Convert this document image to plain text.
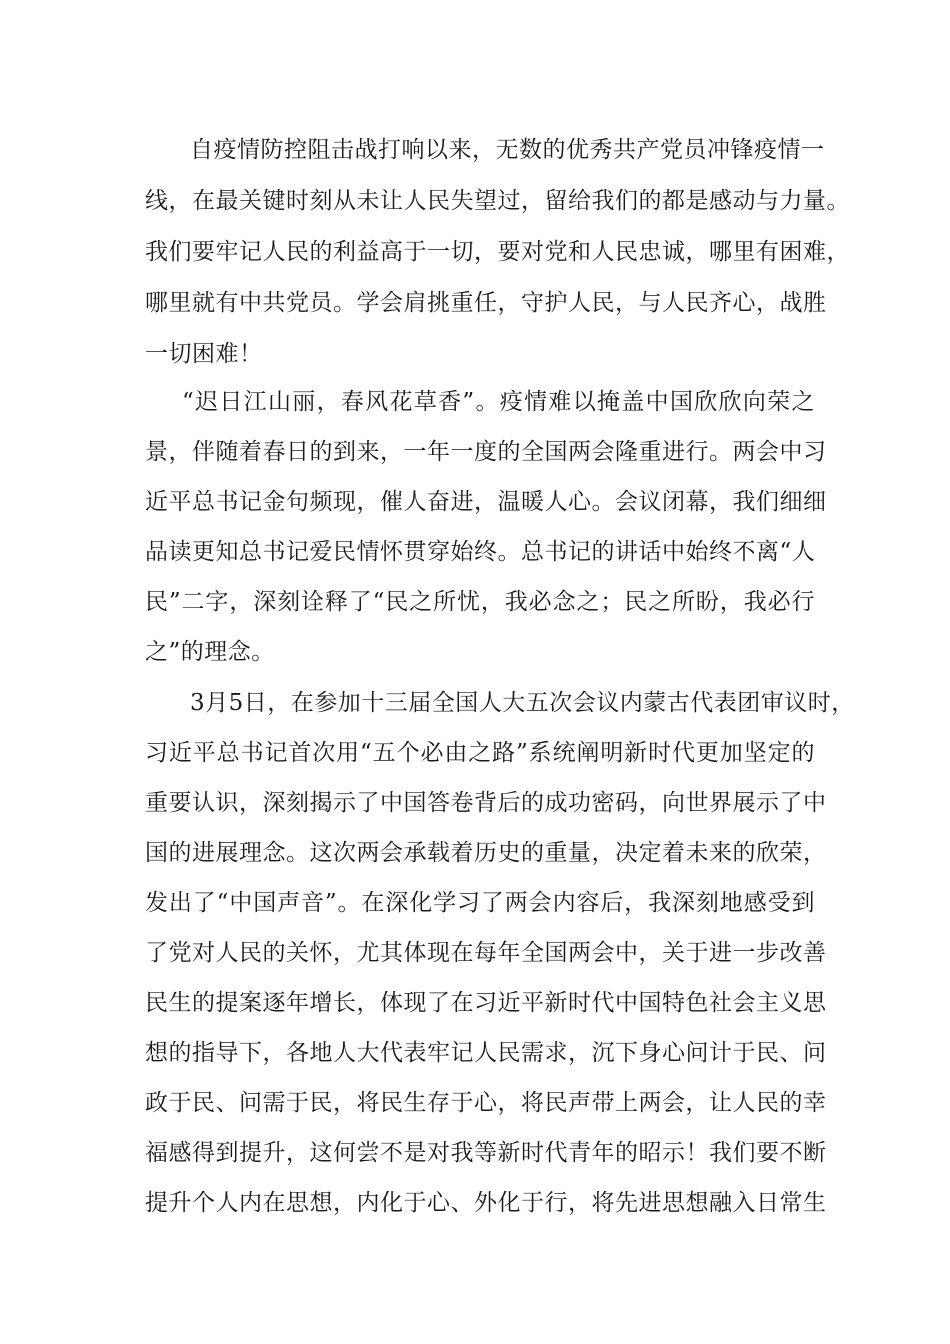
自疫情防控阻击战打响以来，无数的优秀共产党员冲锋疫情一

线，在最关键时刻从未让人民失望过，留给我们的都是感动与力量。

我们要牢记人民的利益高于一切，要对党和人民忠诚，哪里有困难，

哪里就有中共党员。学会肩挑重任，守护人民，与人民齐心，战胜

一切困难！

“迟日江山丽，春风花草香”。疫情难以掩盖中国欣欣向荣之

景，伴随着春日的到来，一年一度的全国两会隆重进行。两会中习

近平总书记金句频现，催人奋进，温暖人心。会议闭幕，我们细细

品读更知总书记爱民情怀贯穿始终。总书记的讲话中始终不离“人

民”二字，深刻诠释了“民之所忧，我必念之；民之所盼，我必行

之”的理念。

3月5日，在参加十三届全国人大五次会议内蒙古代表团审议时，

习近平总书记首次用“五个必由之路”系统阐明新时代更加坚定的

重要认识，深刻揭示了中国答卷背后的成功密码，向世界展示了中

国的进展理念。这次两会承载着历史的重量，决定着未来的欣荣，

发出了“中国声音”。在深化学习了两会内容后，我深刻地感受到

了党对人民的关怀，尤其体现在每年全国两会中，关于进一步改善

民生的提案逐年增长，体现了在习近平新时代中国特色社会主义思

想的指导下，各地人大代表牢记人民需求，沉下身心问计于民、问

政于民、问需于民，将民生存于心，将民声带上两会，让人民的幸

福感得到提升，这何尝不是对我等新时代青年的昭示！我们要不断

提升个人内在思想，内化于心、外化于行，将先进思想融入日常生
